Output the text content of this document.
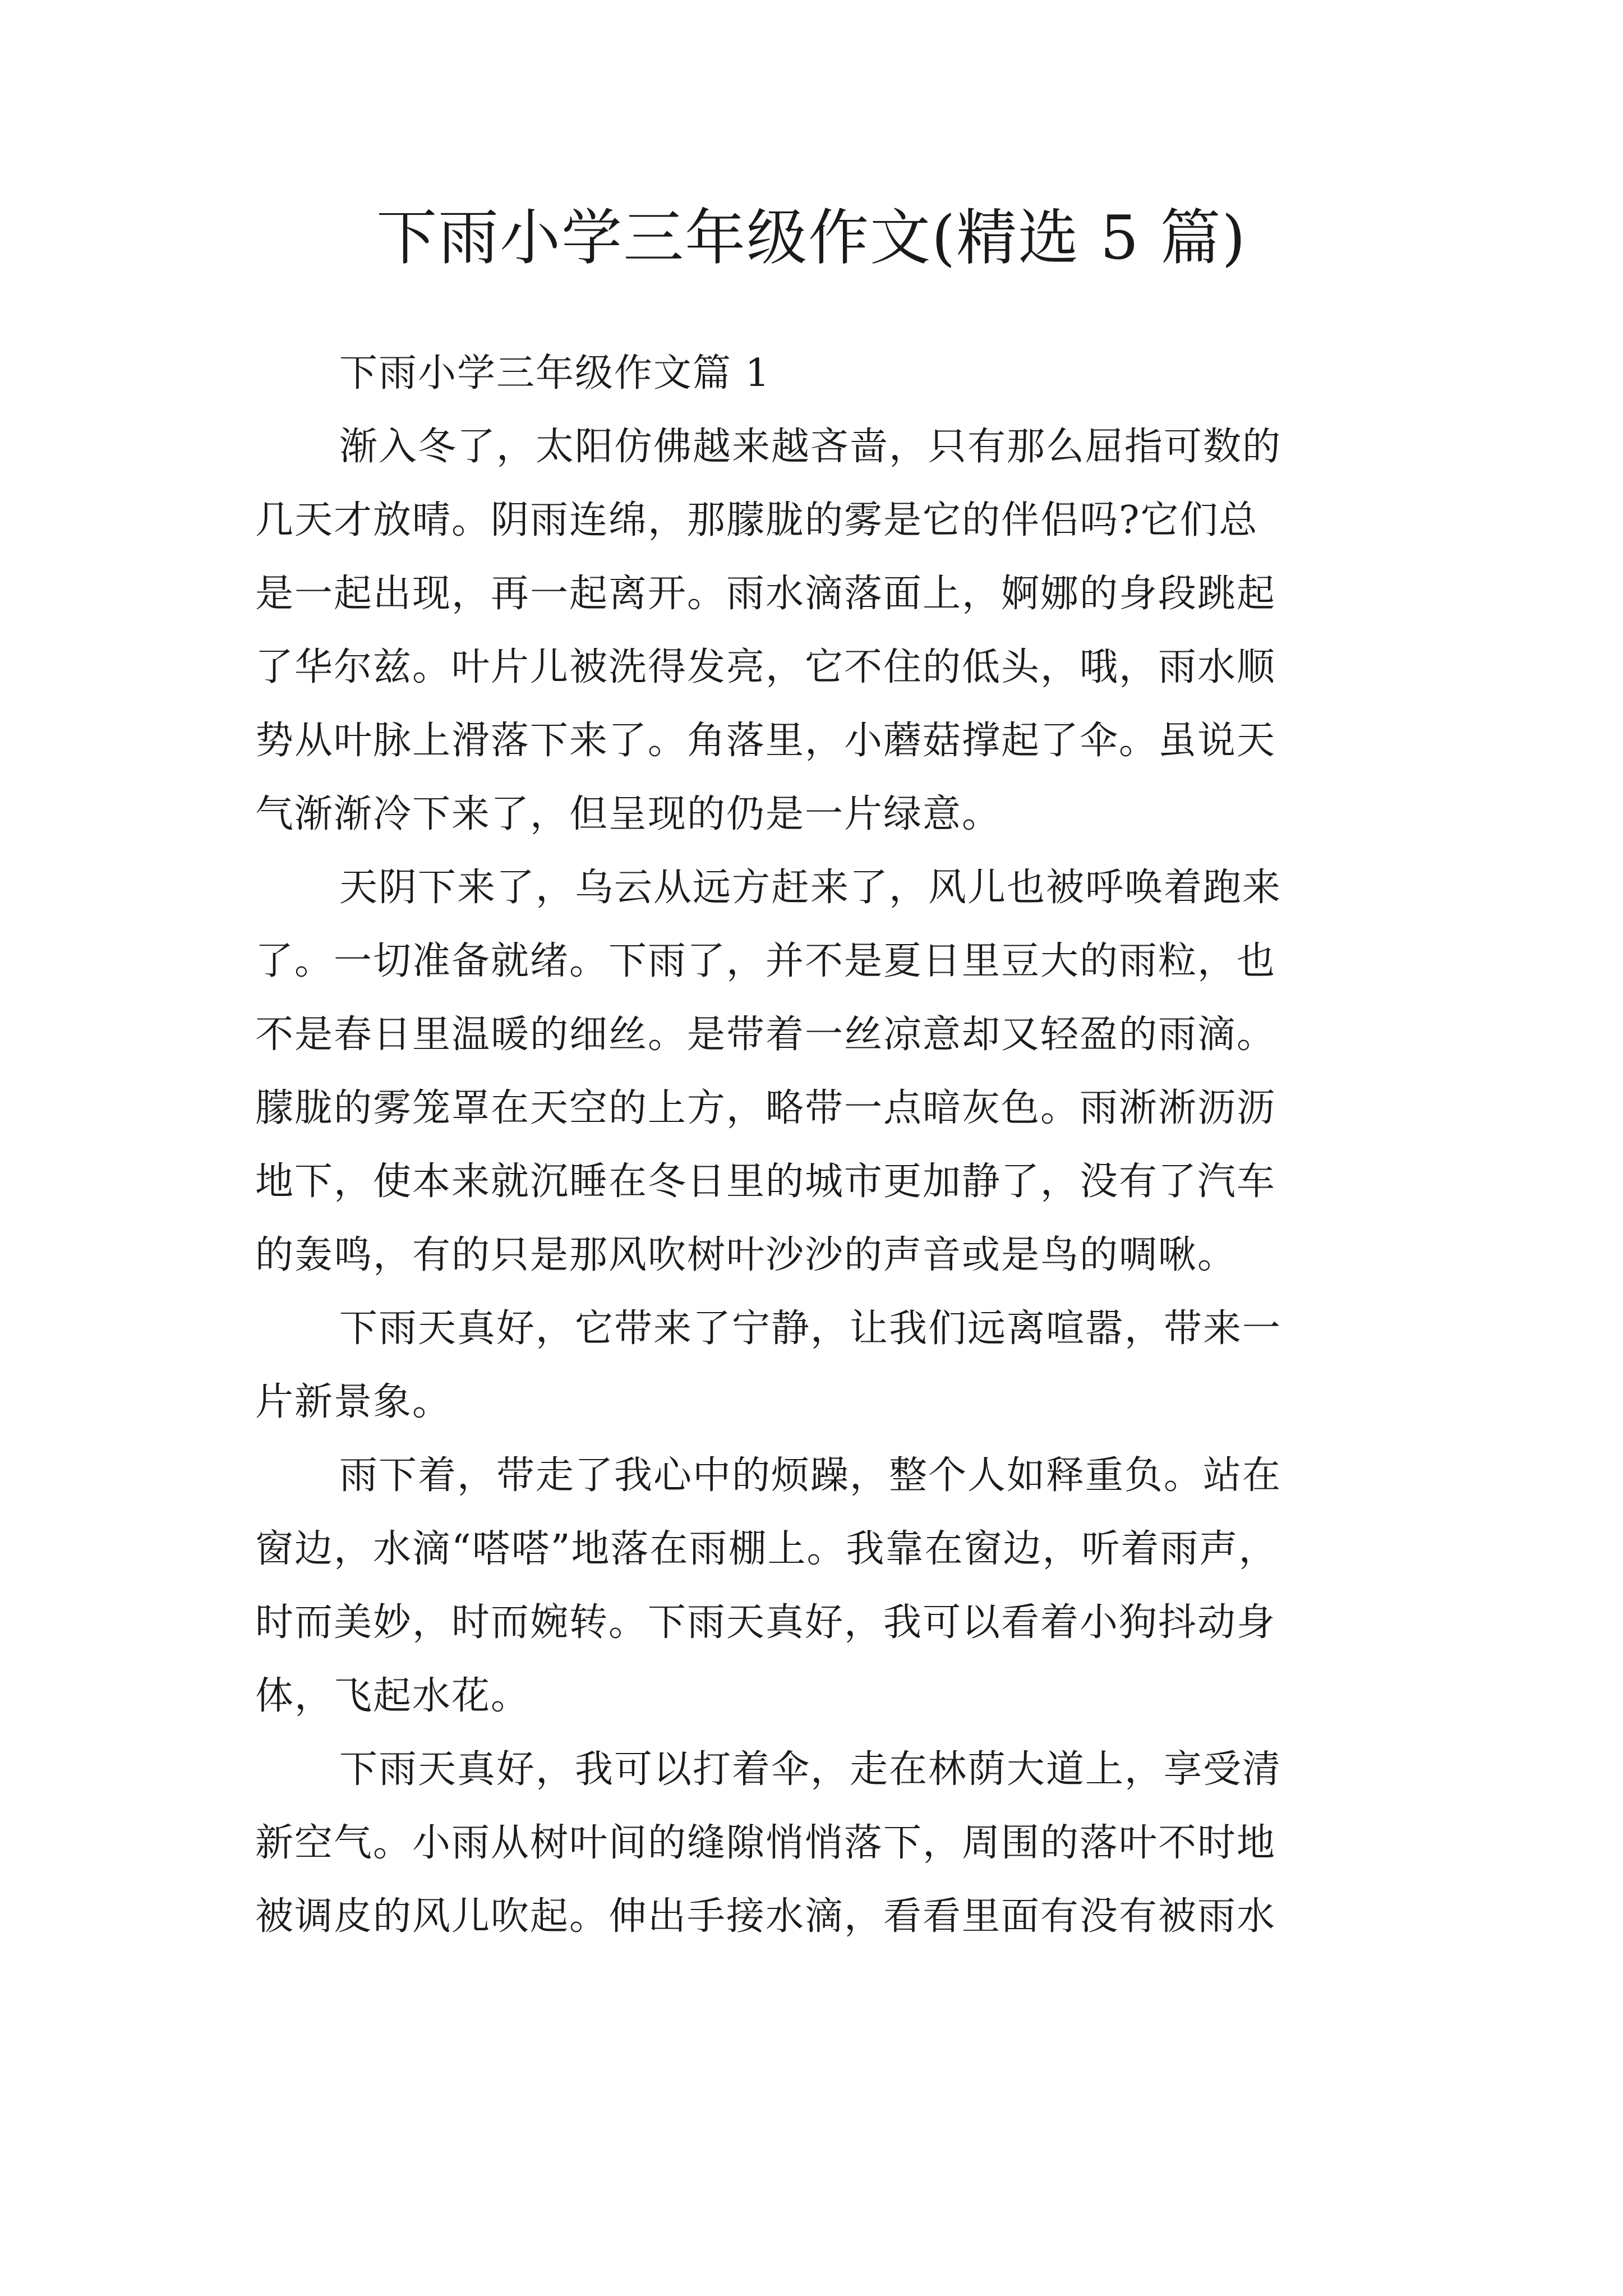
下雨小学三年级作文(精选 5 篇)
下雨小学三年级作文篇 1
渐入冬了，太阳仿佛越来越吝啬，只有那么屈指可数的
几天才放晴。阴雨连绵，那朦胧的雾是它的伴侣吗?它们总
是一起出现，再一起离开。雨水滴落面上，婀娜的身段跳起
了华尔兹。叶片儿被洗得发亮，它不住的低头，哦，雨水顺
势从叶脉上滑落下来了。角落里，小蘑菇撑起了伞。虽说天
气渐渐冷下来了，但呈现的仍是一片绿意。
天阴下来了，乌云从远方赶来了，风儿也被呼唤着跑来
了。一切准备就绪。下雨了，并不是夏日里豆大的雨粒，也
不是春日里温暖的细丝。是带着一丝凉意却又轻盈的雨滴。
朦胧的雾笼罩在天空的上方，略带一点暗灰色。雨淅淅沥沥
地下，使本来就沉睡在冬日里的城市更加静了，没有了汽车
的轰鸣，有的只是那风吹树叶沙沙的声音或是鸟的啁啾。
下雨天真好，它带来了宁静，让我们远离喧嚣，带来一
片新景象。
雨下着，带走了我心中的烦躁，整个人如释重负。站在
窗边，水滴“嗒嗒”地落在雨棚上。我靠在窗边，听着雨声，
时而美妙，时而婉转。下雨天真好，我可以看着小狗抖动身
体，飞起水花。
下雨天真好，我可以打着伞，走在林荫大道上，享受清
新空气。小雨从树叶间的缝隙悄悄落下，周围的落叶不时地
被调皮的风儿吹起。伸出手接水滴，看看里面有没有被雨水
